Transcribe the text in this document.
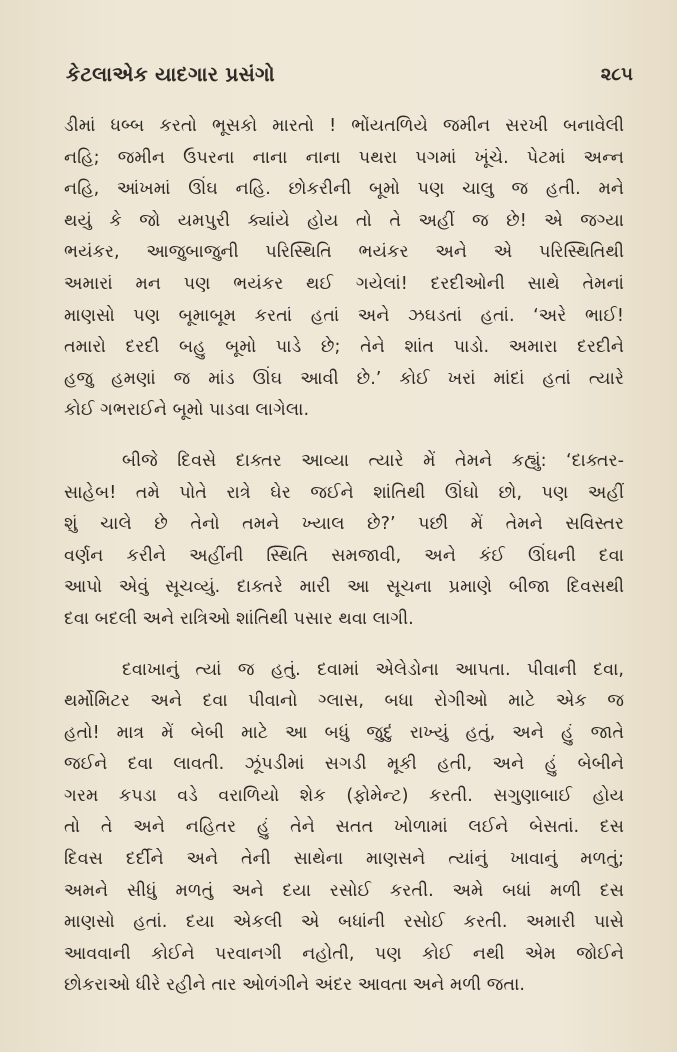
કેટલાએક યાદગાર પ્રસંગો	૨૮૫

ડીમાં ધબ્બ કરતો ભૂસકો મારતો ! ભોંયતળિયે જમીન સરખી બનાવેલી
નહિ; જમીન ઉપરના નાના નાના પથરા પગમાં ખૂંચે. પેટમાં અન્ન
નહિ, આંખમાં ઊંઘ નહિ. છોકરીની બૂમો પણ ચાલુ જ હતી. મને
થયું કે જો યમપુરી ક્યાંયે હોય તો તે અહીં જ છે! એ જગ્યા
ભયંકર, આજુબાજુની પરિસ્થિતિ ભયંકર અને એ પરિસ્થિતિથી
અમારાં મન પણ ભયંકર થઈ ગયેલાં! દરદીઓની સાથે તેમનાં
માણસો પણ બૂમાબૂમ કરતાં હતાં અને ઝઘડતાં હતાં. ‘અરે ભાઈ!
તમારો દરદી બહુ બૂમો પાડે છે; તેને શાંત પાડો. અમારા દરદીને
હજુ હમણાં જ માંડ ઊંઘ આવી છે.’ કોઈ ખરાં માંદાં હતાં ત્યારે
કોઈ ગભરાઈને બૂમો પાડવા લાગેલા.

બીજે દિવસે દાક્તર આવ્યા ત્યારે મેં તેમને કહ્યું: ‘દાક્તર-
સાહેબ! તમે પોતે રાત્રે ઘેર જઈને શાંતિથી ઊંઘો છો, પણ અહીં
શું ચાલે છે તેનો તમને ખ્યાલ છે?’ પછી મેં તેમને સવિસ્તર
વર્ણન કરીને અહીંની સ્થિતિ સમજાવી, અને કંઈ ઊંઘની દવા
આપો એવું સૂચવ્યું. દાક્તરે મારી આ સૂચના પ્રમાણે બીજા દિવસથી
દવા બદલી અને રાત્રિઓ શાંતિથી પસાર થવા લાગી.

દવાખાનું ત્યાં જ હતું. દવામાં એલેડોના આપતા. પીવાની દવા,
થર્મોમિટર અને દવા પીવાનો ગ્લાસ, બધા રોગીઓ માટે એક જ
હતો! માત્ર મેં બેબી માટે આ બધું જુદું રાખ્યું હતું, અને હું જાતે
જઈને દવા લાવતી. ઝૂંપડીમાં સગડી મૂકી હતી, અને હું બેબીને
ગરમ કપડા વડે વરાળિયો શેક (ફોમેન્ટ) કરતી. સગુણાબાઈ હોય
તો તે અને નહિતર હું તેને સતત ખોળામાં લઈને બેસતાં. દસ
દિવસ દર્દીને અને તેની સાથેના માણસને ત્યાંનું ખાવાનું મળતું;
અમને સીધું મળતું અને દયા રસોઈ કરતી. અમે બધાં મળી દસ
માણસો હતાં. દયા એકલી એ બધાંની રસોઈ કરતી. અમારી પાસે
આવવાની કોઈને પરવાનગી નહોતી, પણ કોઈ નથી એમ જોઈને
છોકરાઓ ધીરે રહીને તાર ઓળંગીને અંદર આવતા અને મળી જતા.
